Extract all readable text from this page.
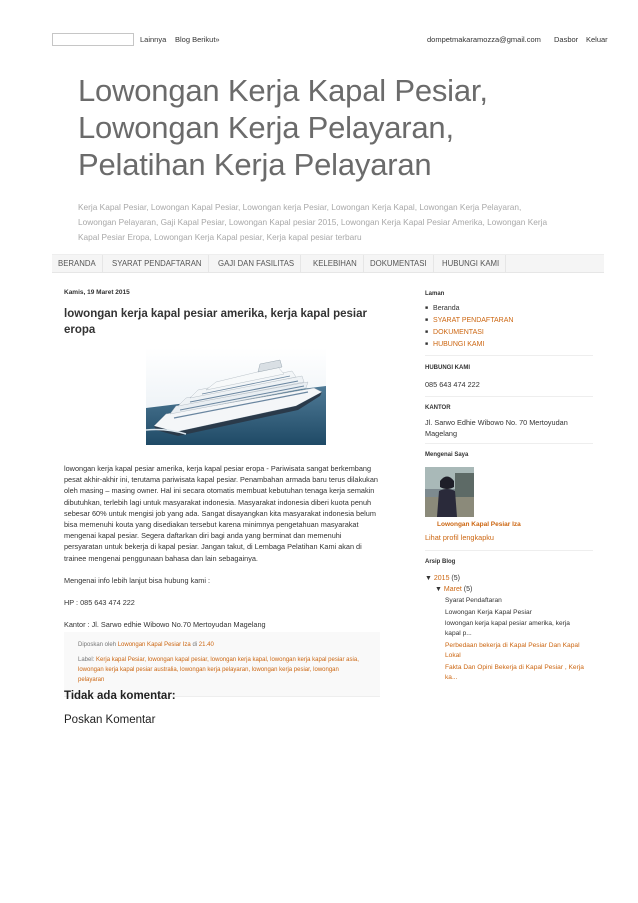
Lainnya Blog Berikut»	dompetmakaramozza@gmail.com Dasbor Keluar
Lowongan Kerja Kapal Pesiar,
Lowongan Kerja Pelayaran,
Pelatihan Kerja Pelayaran
Kerja Kapal Pesiar, Lowongan Kapal Pesiar, Lowongan kerja Pesiar, Lowongan Kerja Kapal, Lowongan Kerja Pelayaran, Lowongan Pelayaran, Gaji Kapal Pesiar, Lowongan Kapal pesiar 2015, Lowongan Kerja Kapal Pesiar Amerika, Lowongan Kerja Kapal Pesiar Eropa, Lowongan Kerja Kapal pesiar, Kerja kapal pesiar terbaru
BERANDA	SYARAT PENDAFTARAN	GAJI DAN FASILITAS	KELEBIHAN	DOKUMENTASI	HUBUNGI KAMI
Kamis, 19 Maret 2015
lowongan kerja kapal pesiar amerika, kerja kapal pesiar eropa

lowongan kerja kapal pesiar amerika, kerja kapal pesiar eropa - Pariwisata sangat berkembang pesat akhir-akhir ini, terutama pariwisata kapal pesiar. Penambahan armada baru terus dilakukan oleh masing – masing owner. Hal ini secara otomatis membuat kebutuhan tenaga kerja semakin dibutuhkan, terlebih lagi untuk masyarakat indonesia. Masyarakat indonesia diberi kuota penuh sebesar 60% untuk mengisi job yang ada. Sangat disayangkan kita masyarakat indonesia belum bisa memenuhi kouta yang disediakan tersebut karena minimnya pengetahuan masyarakat mengenai kapal pesiar. Segera daftarkan diri bagi anda yang berminat dan memenuhi persyaratan untuk bekerja di kapal pesiar. Jangan takut, di Lembaga Pelatihan Kami akan di trainee mengenai penggunaan bahasa dan lain sebagainya.

Mengenai info lebih lanjut bisa hubung kami :

HP : 085 643 474 222

Kantor : Jl. Sarwo edhie Wibowo No.70 Mertoyudan Magelang

Diposkan oleh Lowongan Kapal Pesiar Iza di 21.40
Label: Kerja kapal Pesiar, lowongan kapal pesiar, lowongan kerja kapal, lowongan kerja kapal pesiar asia, lowongan kerja kapal pesiar australia, lowongan kerja pelayaran, lowongan kerja pesiar, lowongan pelayaran
Tidak ada komentar:
Poskan Komentar
Laman
■ Beranda
■ SYARAT PENDAFTARAN
■ DOKUMENTASI
■ HUBUNGI KAMI
HUBUNGI KAMI
085 643 474 222
KANTOR
Jl. Sarwo Edhie Wibowo No. 70 Mertoyudan Magelang
Mengenai Saya
Lowongan Kapal Pesiar Iza
Lihat profil lengkapku
Arsip Blog
▼ 2015 (5)
▼ Maret (5)
Syarat Pendaftaran
Lowongan Kerja Kapal Pesiar
lowongan kerja kapal pesiar amerika, kerja kapal p...
Perbedaan bekerja di Kapal Pesiar Dan Kapal Lokal
Fakta Dan Opini Bekerja di Kapal Pesiar , Kerja ka...
